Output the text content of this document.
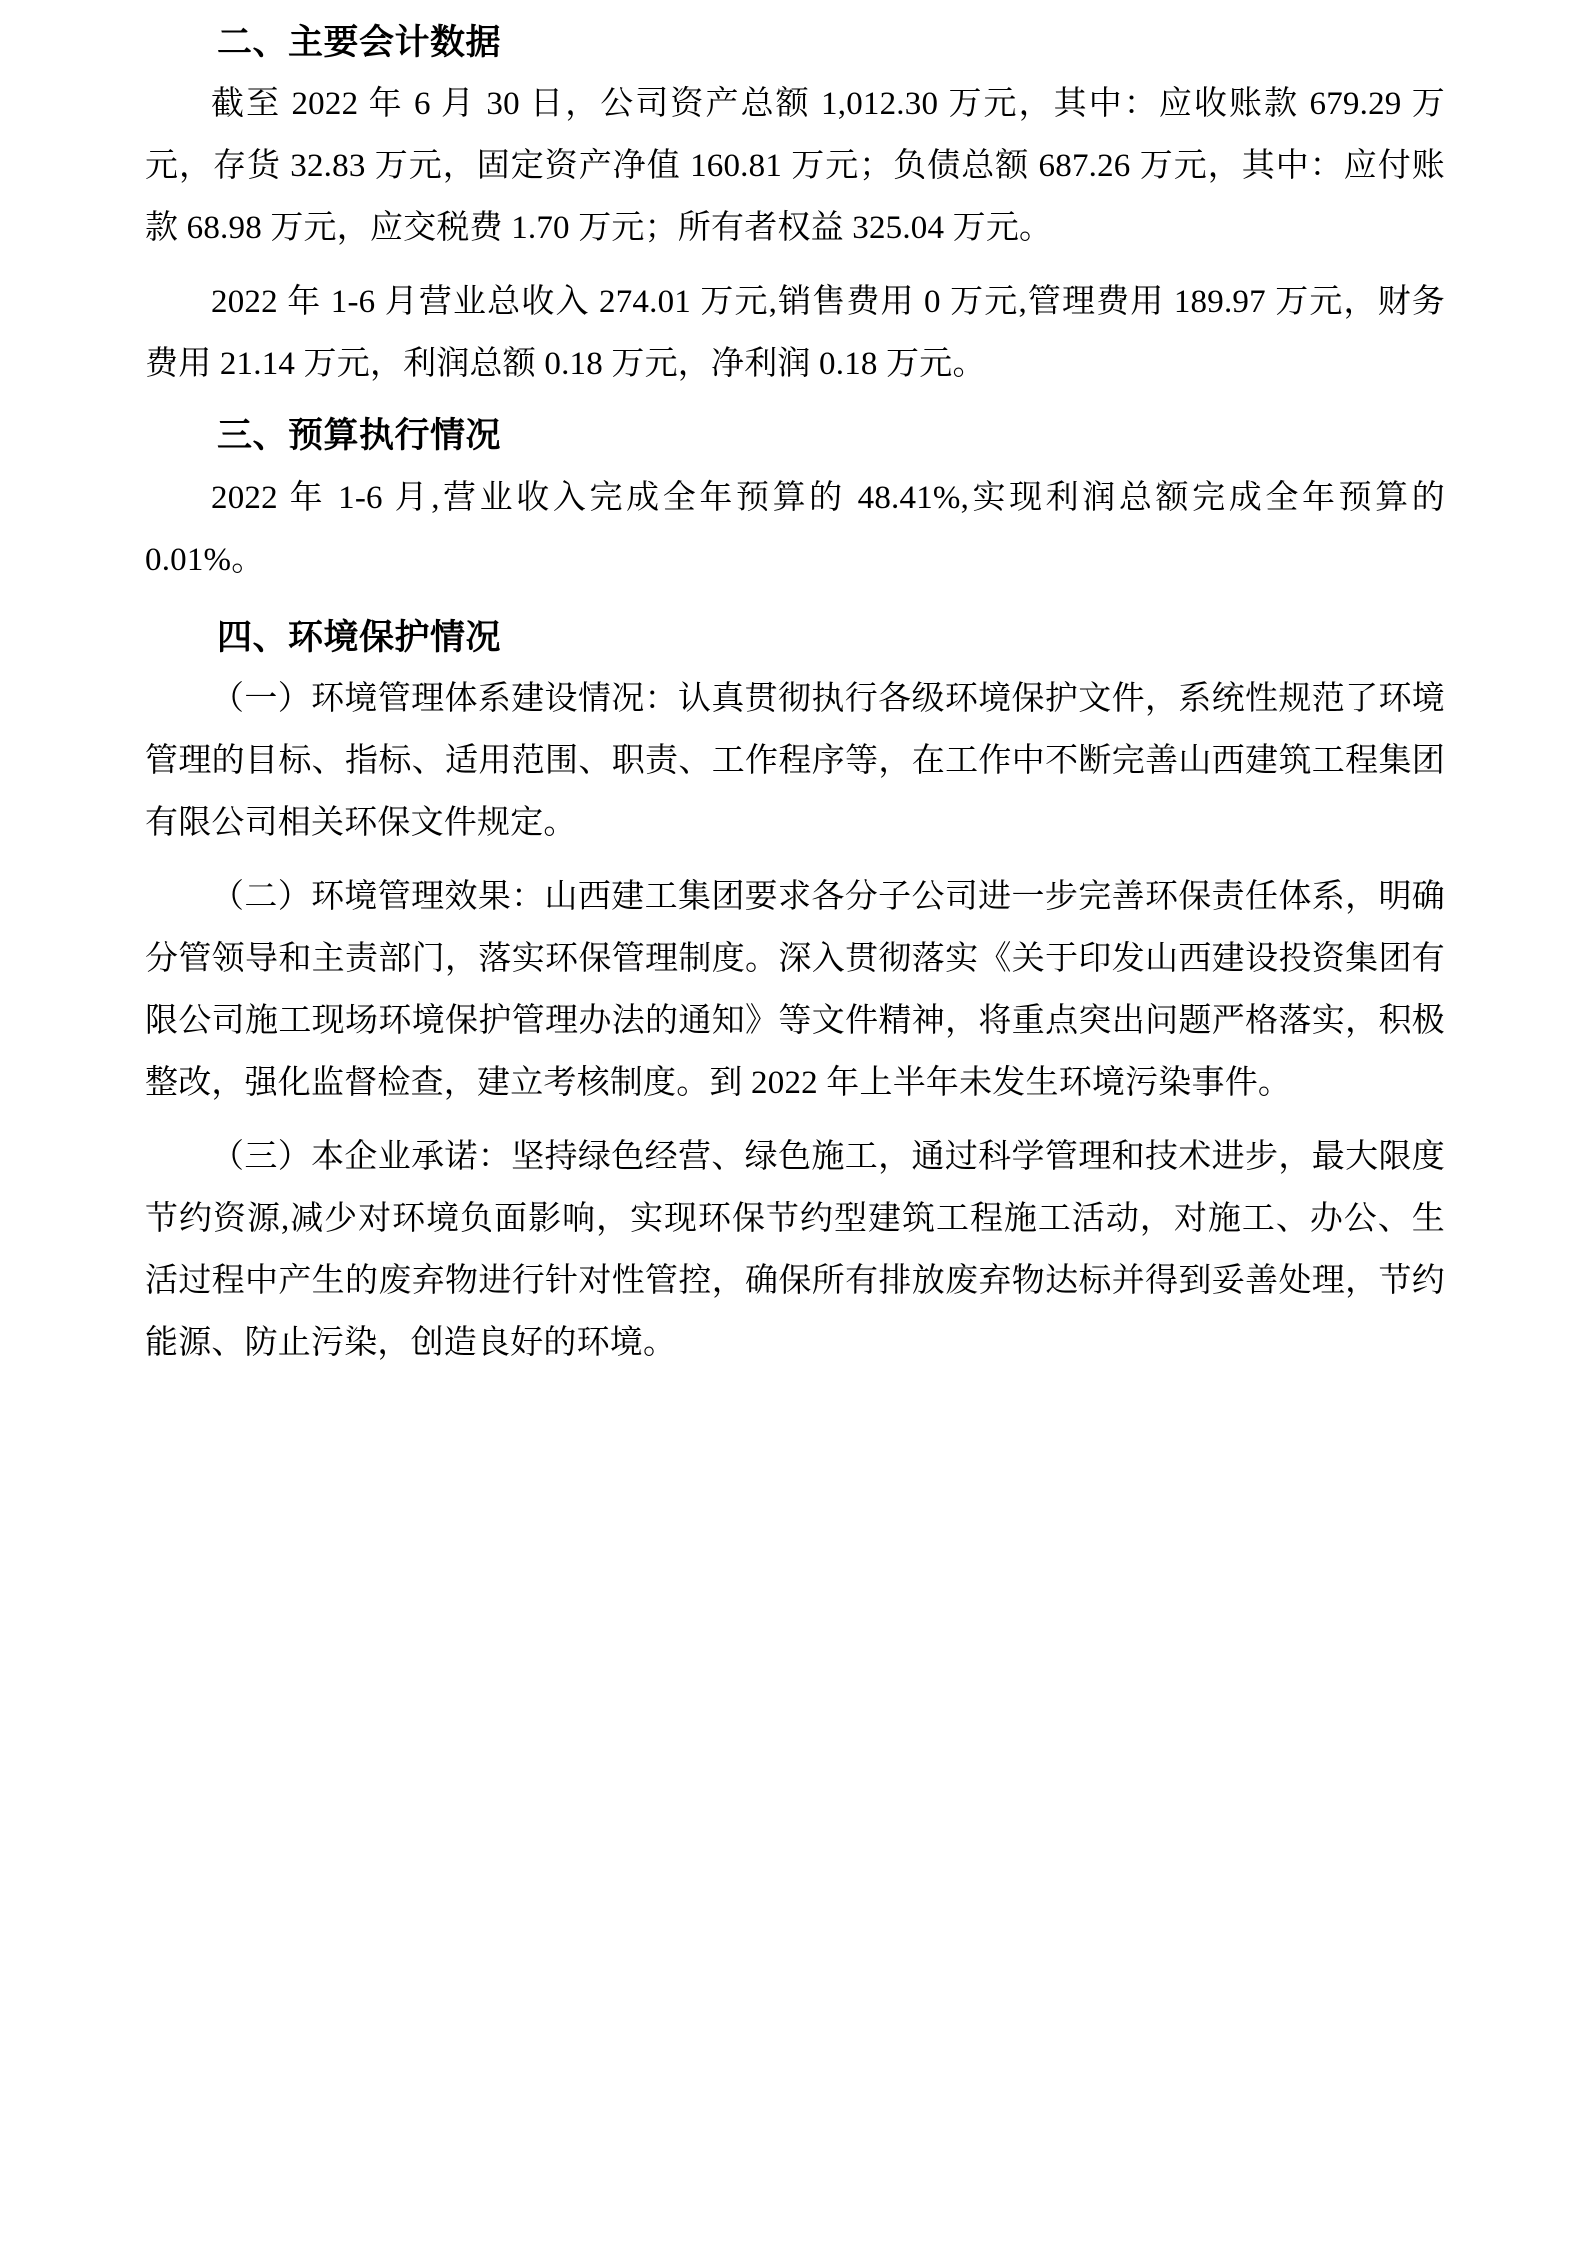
二、主要会计数据

截至 2022 年 6 月 30 日，公司资产总额 1,012.30 万元，其中：应收账款 679.29 万元，存货 32.83 万元，固定资产净值 160.81 万元；负债总额 687.26 万元，其中：应付账款 68.98 万元，应交税费 1.70 万元；所有者权益 325.04 万元。

2022 年 1-6 月营业总收入 274.01 万元,销售费用 0 万元,管理费用 189.97 万元，财务费用 21.14 万元，利润总额 0.18 万元，净利润 0.18 万元。

三、预算执行情况

2022 年 1-6 月,营业收入完成全年预算的 48.41%,实现利润总额完成全年预算的 0.01%。

四、环境保护情况

（一）环境管理体系建设情况：认真贯彻执行各级环境保护文件，系统性规范了环境管理的目标、指标、适用范围、职责、工作程序等，在工作中不断完善山西建筑工程集团有限公司相关环保文件规定。

（二）环境管理效果：山西建工集团要求各分子公司进一步完善环保责任体系，明确分管领导和主责部门，落实环保管理制度。深入贯彻落实《关于印发山西建设投资集团有限公司施工现场环境保护管理办法的通知》等文件精神，将重点突出问题严格落实，积极整改，强化监督检查，建立考核制度。到 2022 年上半年未发生环境污染事件。

（三）本企业承诺：坚持绿色经营、绿色施工，通过科学管理和技术进步，最大限度节约资源,减少对环境负面影响，实现环保节约型建筑工程施工活动，对施工、办公、生活过程中产生的废弃物进行针对性管控，确保所有排放废弃物达标并得到妥善处理，节约能源、防止污染，创造良好的环境。
